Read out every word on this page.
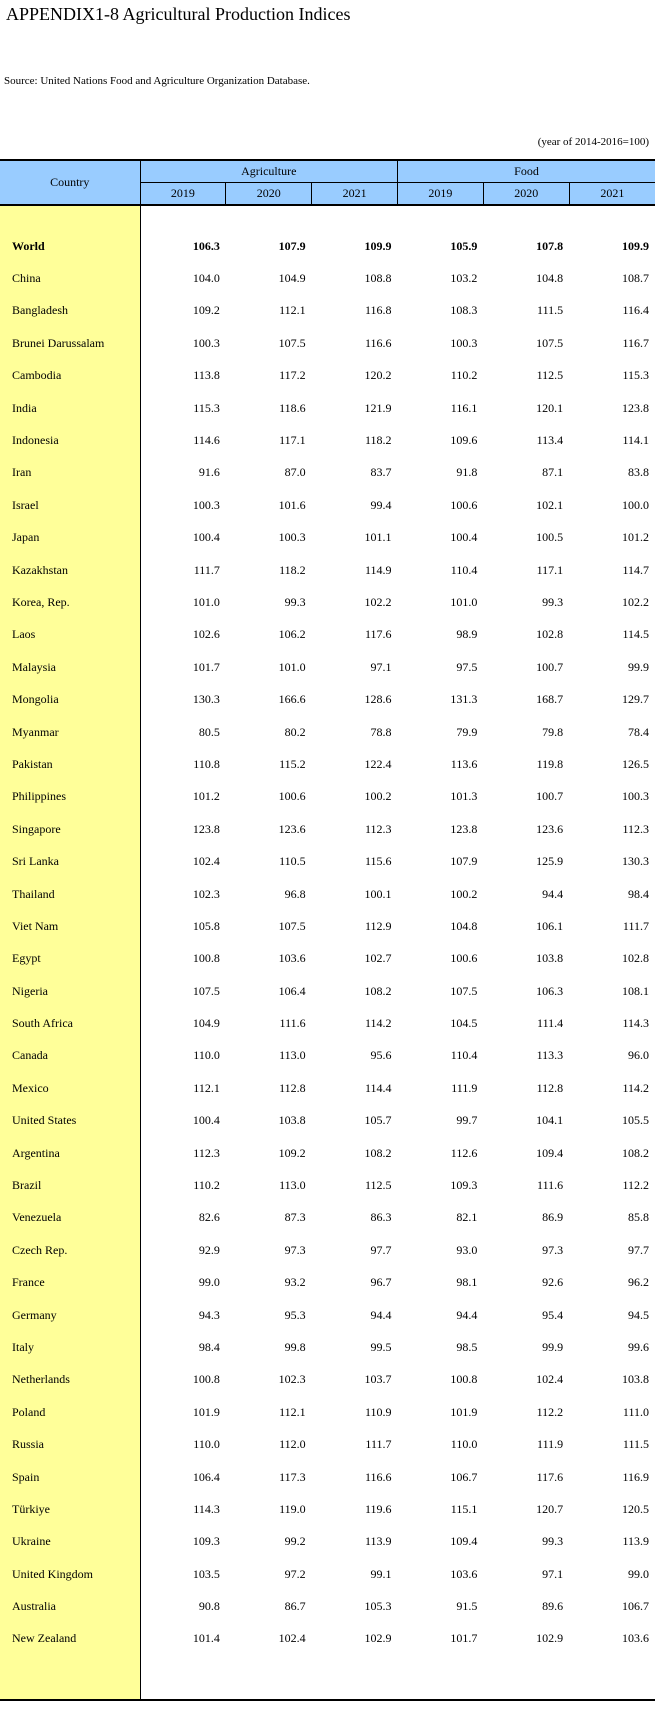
APPENDIX1-8 Agricultural Production Indices
Source: United Nations Food and Agriculture Organization Database.
(year of 2014-2016=100)
Country	Agriculture			Food		
	2019	2020	2021	2019	2020	2021

World	106.3	107.9	109.9	105.9	107.8	109.9
China	104.0	104.9	108.8	103.2	104.8	108.7
Bangladesh	109.2	112.1	116.8	108.3	111.5	116.4
Brunei Darussalam	100.3	107.5	116.6	100.3	107.5	116.7
Cambodia	113.8	117.2	120.2	110.2	112.5	115.3
India	115.3	118.6	121.9	116.1	120.1	123.8
Indonesia	114.6	117.1	118.2	109.6	113.4	114.1
Iran	91.6	87.0	83.7	91.8	87.1	83.8
Israel	100.3	101.6	99.4	100.6	102.1	100.0
Japan	100.4	100.3	101.1	100.4	100.5	101.2
Kazakhstan	111.7	118.2	114.9	110.4	117.1	114.7
Korea, Rep.	101.0	99.3	102.2	101.0	99.3	102.2
Laos	102.6	106.2	117.6	98.9	102.8	114.5
Malaysia	101.7	101.0	97.1	97.5	100.7	99.9
Mongolia	130.3	166.6	128.6	131.3	168.7	129.7
Myanmar	80.5	80.2	78.8	79.9	79.8	78.4
Pakistan	110.8	115.2	122.4	113.6	119.8	126.5
Philippines	101.2	100.6	100.2	101.3	100.7	100.3
Singapore	123.8	123.6	112.3	123.8	123.6	112.3
Sri Lanka	102.4	110.5	115.6	107.9	125.9	130.3
Thailand	102.3	96.8	100.1	100.2	94.4	98.4
Viet Nam	105.8	107.5	112.9	104.8	106.1	111.7
Egypt	100.8	103.6	102.7	100.6	103.8	102.8
Nigeria	107.5	106.4	108.2	107.5	106.3	108.1
South Africa	104.9	111.6	114.2	104.5	111.4	114.3
Canada	110.0	113.0	95.6	110.4	113.3	96.0
Mexico	112.1	112.8	114.4	111.9	112.8	114.2
United States	100.4	103.8	105.7	99.7	104.1	105.5
Argentina	112.3	109.2	108.2	112.6	109.4	108.2
Brazil	110.2	113.0	112.5	109.3	111.6	112.2
Venezuela	82.6	87.3	86.3	82.1	86.9	85.8
Czech Rep.	92.9	97.3	97.7	93.0	97.3	97.7
France	99.0	93.2	96.7	98.1	92.6	96.2
Germany	94.3	95.3	94.4	94.4	95.4	94.5
Italy	98.4	99.8	99.5	98.5	99.9	99.6
Netherlands	100.8	102.3	103.7	100.8	102.4	103.8
Poland	101.9	112.1	110.9	101.9	112.2	111.0
Russia	110.0	112.0	111.7	110.0	111.9	111.5
Spain	106.4	117.3	116.6	106.7	117.6	116.9
Türkiye	114.3	119.0	119.6	115.1	120.7	120.5
Ukraine	109.3	99.2	113.9	109.4	99.3	113.9
United Kingdom	103.5	97.2	99.1	103.6	97.1	99.0
Australia	90.8	86.7	105.3	91.5	89.6	106.7
New Zealand	101.4	102.4	102.9	101.7	102.9	103.6
